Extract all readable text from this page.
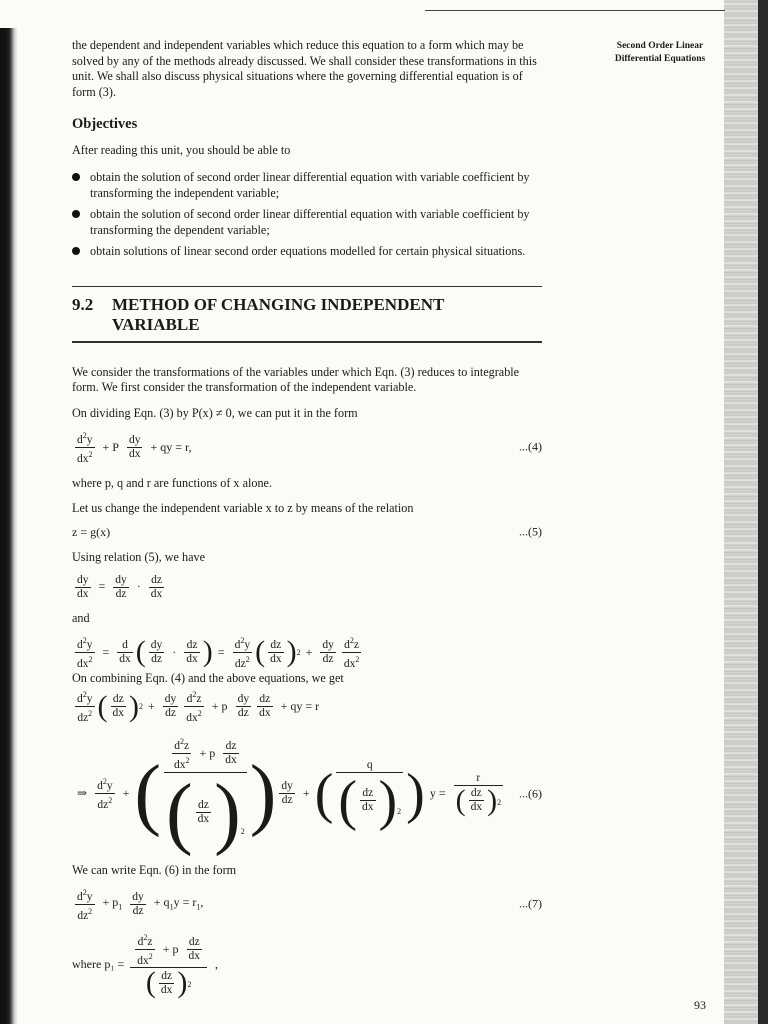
Second Order Linear
Differential Equations

the dependent and independent variables which reduce this equation to a form which may be solved by any of the methods already discussed. We shall consider these transformations in this unit. We shall also discuss physical situations where the governing differential equation is of form (3).

Objectives

After reading this unit, you should be able to

obtain the solution of second order linear differential equation with variable coefficient by transforming the independent variable;
obtain the solution of second order linear differential equation with variable coefficient by transforming the dependent variable;
obtain solutions of linear second order equations modelled for certain physical situations.
9.2	METHOD OF CHANGING INDEPENDENT
VARIABLE

We consider the transformations of the variables under which Eqn. (3) reduces to integrable form. We first consider the transformation of the independent variable.

On dividing Eqn. (3) by P(x) ≠ 0, we can put it in the form

$\frac{d^2y}{dx^2} + P \frac{dy}{dx}$ + qy = r,	...(4)

where p, q and r are functions of x alone.

Let us change the independent variable x to z by means of the relation

z = g(x)	...(5)

Using relation (5), we have

$\frac{dy}{dx} = \frac{dy}{dz} \cdot \frac{dz}{dx}$

and

$\frac{d^2y}{dx^2} = \frac{d}{dx}$ ( $\frac{dy}{dz} \cdot \frac{dz}{dx}$ ) = $\frac{d^2y}{dz^2}$ ( $\frac{dz}{dx}$ ) $2 + \frac{dy}{dz} \frac{d^2z}{dx^2}$

On combining Eqn. (4) and the above equations, we get

$\frac{d^2y}{dz^2}$ ( $\frac{dz}{dx}$ ) $2 + \frac{dy}{dz} \frac{d^2z}{dx^2} + p \frac{dy}{dz} \frac{dz}{dx}$ + qy = r
⇒ $\frac{d^2y}{dz^2}$ + ( $\frac{\frac{d^2z}{dx^2} + p \frac{dz}{dx}}{( \frac{dz}{dx} ) ^2}$ ) $\frac{dy}{dz}$ + ( $\frac{q}{( \frac{dz}{dx} ) ^2}$ ) $y = \frac{r}{( \frac{dz}{dx} ) ^2} ...(6)$

We can write Eqn. (6) in the form

$\frac{d^2y}{dz^2} + p_1 \frac{dy}{dz} + q_1y = r_1$,	...(7)
where $p_1 = \frac{\frac{d^2z}{dx^2} + p \frac{dz}{dx}}{( \frac{dz}{dx} ) ^2}$ ,
93
